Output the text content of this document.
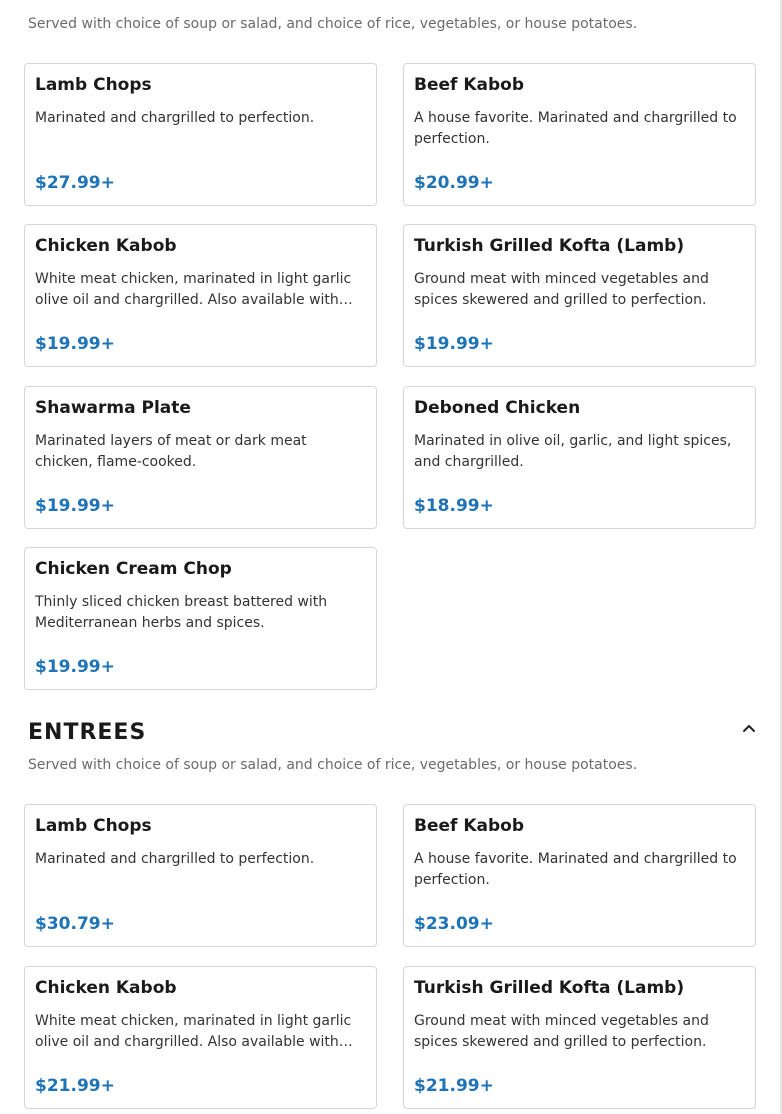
Served with choice of soup or salad, and choice of rice, vegetables, or house potatoes.
Lamb Chops
Marinated and chargrilled to perfection.
$27.99+
Beef Kabob
A house favorite. Marinated and chargrilled to perfection.
$20.99+
Chicken Kabob
White meat chicken, marinated in light garlic olive oil and chargrilled. Also available with…
$19.99+
Turkish Grilled Kofta (Lamb)
Ground meat with minced vegetables and spices skewered and grilled to perfection.
$19.99+
Shawarma Plate
Marinated layers of meat or dark meat chicken, flame-cooked.
$19.99+
Deboned Chicken
Marinated in olive oil, garlic, and light spices, and chargrilled.
$18.99+
Chicken Cream Chop
Thinly sliced chicken breast battered with Mediterranean herbs and spices.
$19.99+
ENTREES
Served with choice of soup or salad, and choice of rice, vegetables, or house potatoes.
Lamb Chops
Marinated and chargrilled to perfection.
$30.79+
Beef Kabob
A house favorite. Marinated and chargrilled to perfection.
$23.09+
Chicken Kabob
White meat chicken, marinated in light garlic olive oil and chargrilled. Also available with…
$21.99+
Turkish Grilled Kofta (Lamb)
Ground meat with minced vegetables and spices skewered and grilled to perfection.
$21.99+
